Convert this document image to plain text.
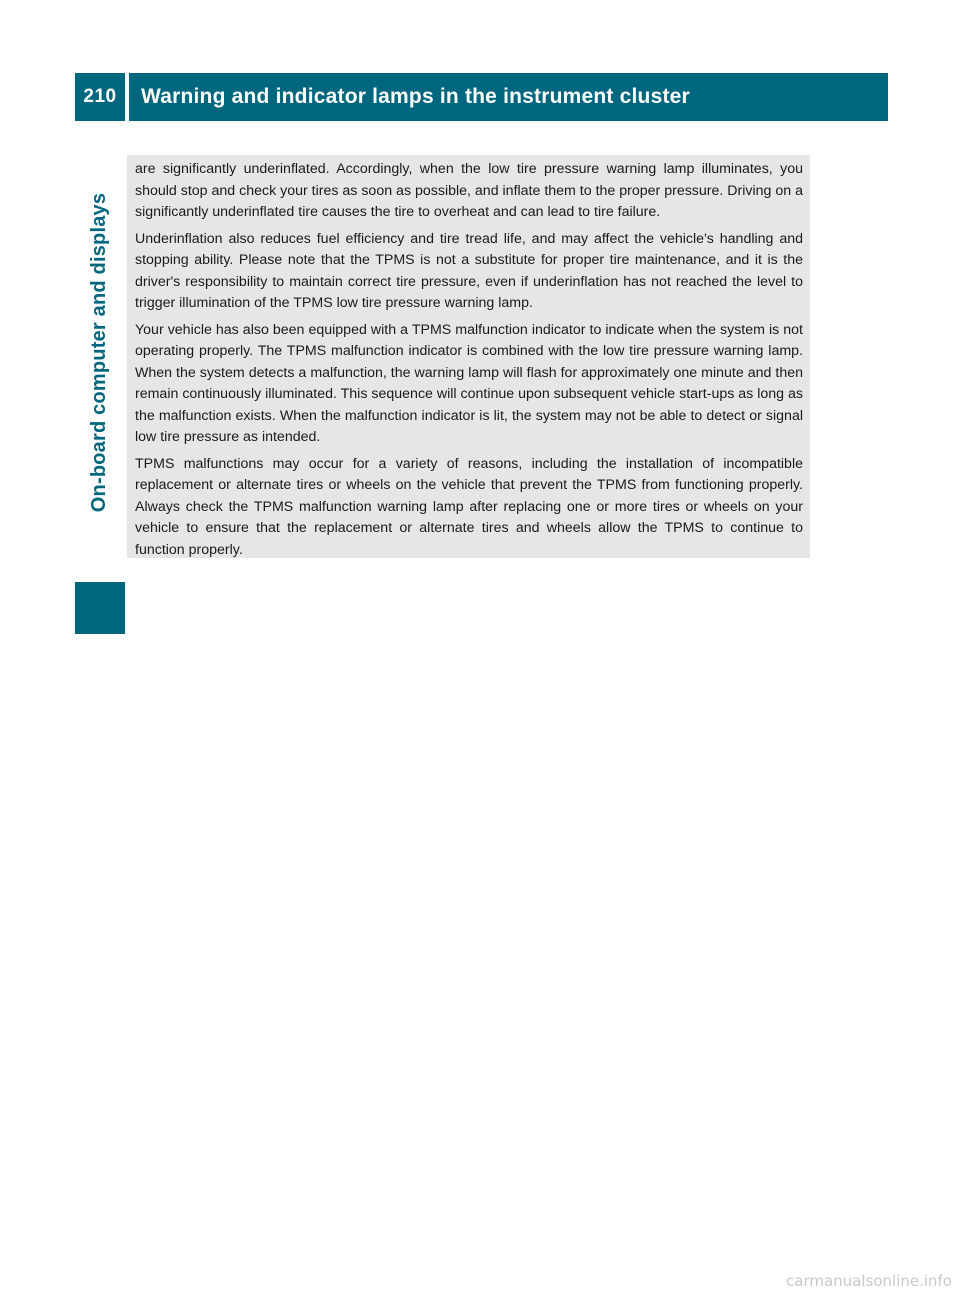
210	Warning and indicator lamps in the instrument cluster
On-board computer and displays

are significantly underinflated. Accordingly, when the low tire pressure warning lamp illuminates, you should stop and check your tires as soon as possible, and inflate them to the proper pressure. Driving on a significantly underinflated tire causes the tire to overheat and can lead to tire failure.

Underinflation also reduces fuel efficiency and tire tread life, and may affect the vehicle's handling and stopping ability. Please note that the TPMS is not a substitute for proper tire maintenance, and it is the driver's responsibility to maintain correct tire pressure, even if underinflation has not reached the level to trigger illumination of the TPMS low tire pressure warning lamp.

Your vehicle has also been equipped with a TPMS malfunction indicator to indicate when the system is not operating properly. The TPMS malfunction indicator is combined with the low tire pressure warning lamp. When the system detects a malfunction, the warning lamp will flash for approximately one minute and then remain continuously illuminated. This sequence will continue upon subsequent vehicle start-ups as long as the malfunction exists. When the malfunction indicator is lit, the system may not be able to detect or signal low tire pressure as intended.

TPMS malfunctions may occur for a variety of reasons, including the installation of incompatible replacement or alternate tires or wheels on the vehicle that prevent the TPMS from functioning properly. Always check the TPMS malfunction warning lamp after replacing one or more tires or wheels on your vehicle to ensure that the replacement or alternate tires and wheels allow the TPMS to continue to function properly.

carmanualsonline.info
